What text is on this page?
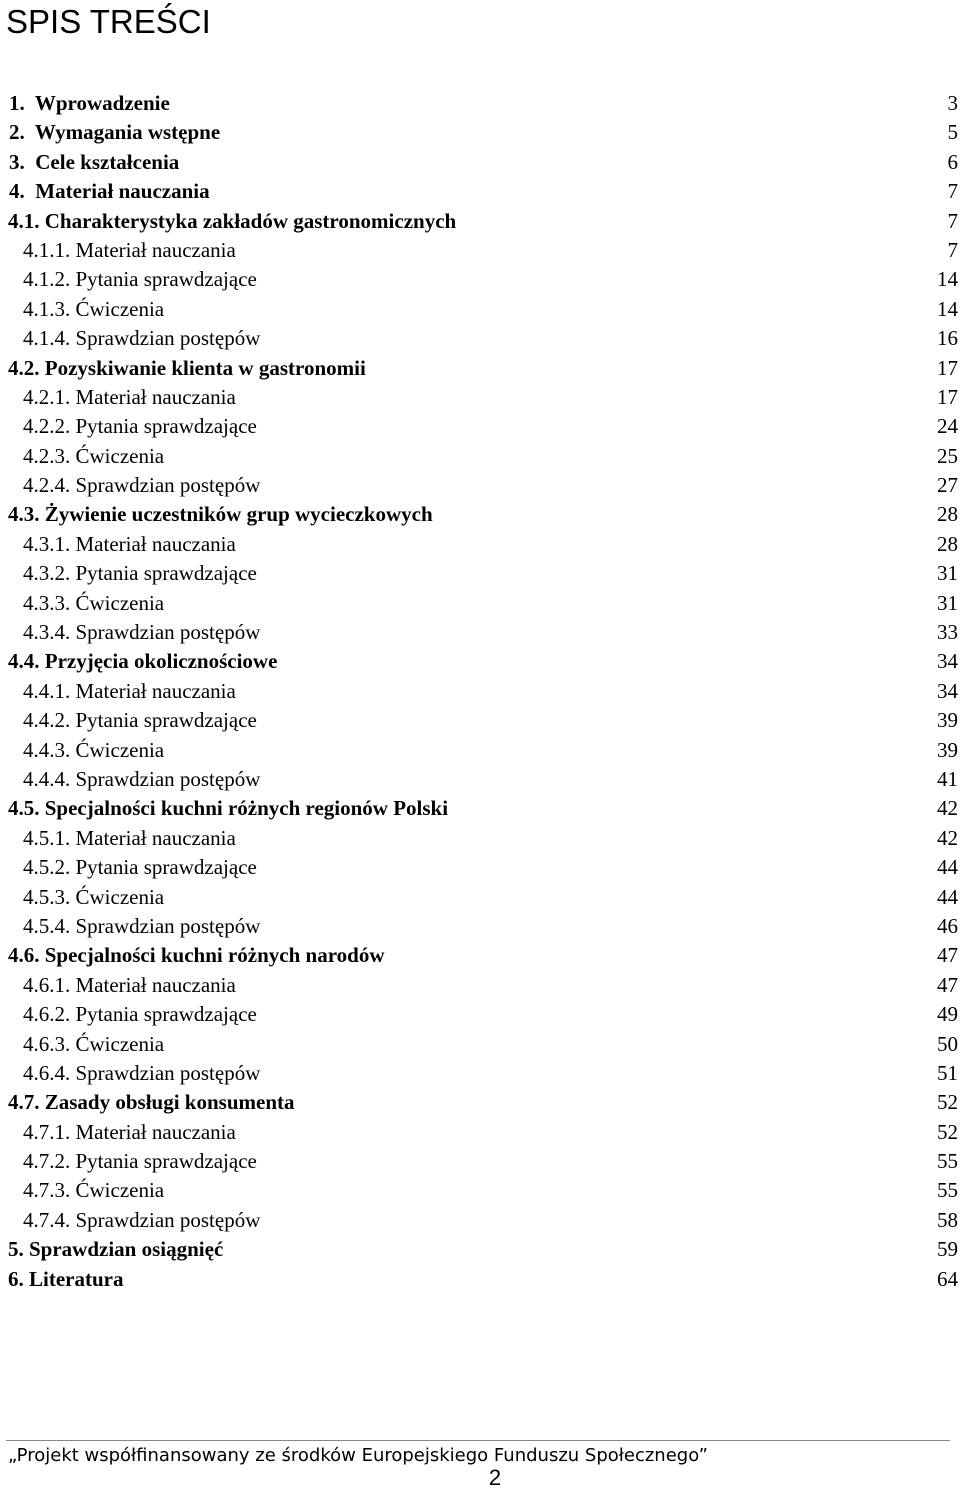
SPIS TREŚCI
1.  Wprowadzenie	3
2.  Wymagania wstępne	5
3.  Cele kształcenia	6
4.  Materiał nauczania	7
4.1. Charakterystyka zakładów gastronomicznych	7
4.1.1. Materiał nauczania	7
4.1.2. Pytania sprawdzające	14
4.1.3. Ćwiczenia	14
4.1.4. Sprawdzian postępów	16
4.2. Pozyskiwanie klienta w gastronomii	17
4.2.1. Materiał nauczania	17
4.2.2. Pytania sprawdzające	24
4.2.3. Ćwiczenia	25
4.2.4. Sprawdzian postępów	27
4.3. Żywienie uczestników grup wycieczkowych	28
4.3.1. Materiał nauczania	28
4.3.2. Pytania sprawdzające	31
4.3.3. Ćwiczenia	31
4.3.4. Sprawdzian postępów	33
4.4. Przyjęcia okolicznościowe	34
4.4.1. Materiał nauczania	34
4.4.2. Pytania sprawdzające	39
4.4.3. Ćwiczenia	39
4.4.4. Sprawdzian postępów	41
4.5. Specjalności kuchni różnych regionów Polski	42
4.5.1. Materiał nauczania	42
4.5.2. Pytania sprawdzające	44
4.5.3. Ćwiczenia	44
4.5.4. Sprawdzian postępów	46
4.6. Specjalności kuchni różnych narodów	47
4.6.1. Materiał nauczania	47
4.6.2. Pytania sprawdzające	49
4.6.3. Ćwiczenia	50
4.6.4. Sprawdzian postępów	51
4.7. Zasady obsługi konsumenta	52
4.7.1. Materiał nauczania	52
4.7.2. Pytania sprawdzające	55
4.7.3. Ćwiczenia	55
4.7.4. Sprawdzian postępów	58
5. Sprawdzian osiągnięć	59
6. Literatura	64
„Projekt współfinansowany ze środków Europejskiego Funduszu Społecznego”
2
